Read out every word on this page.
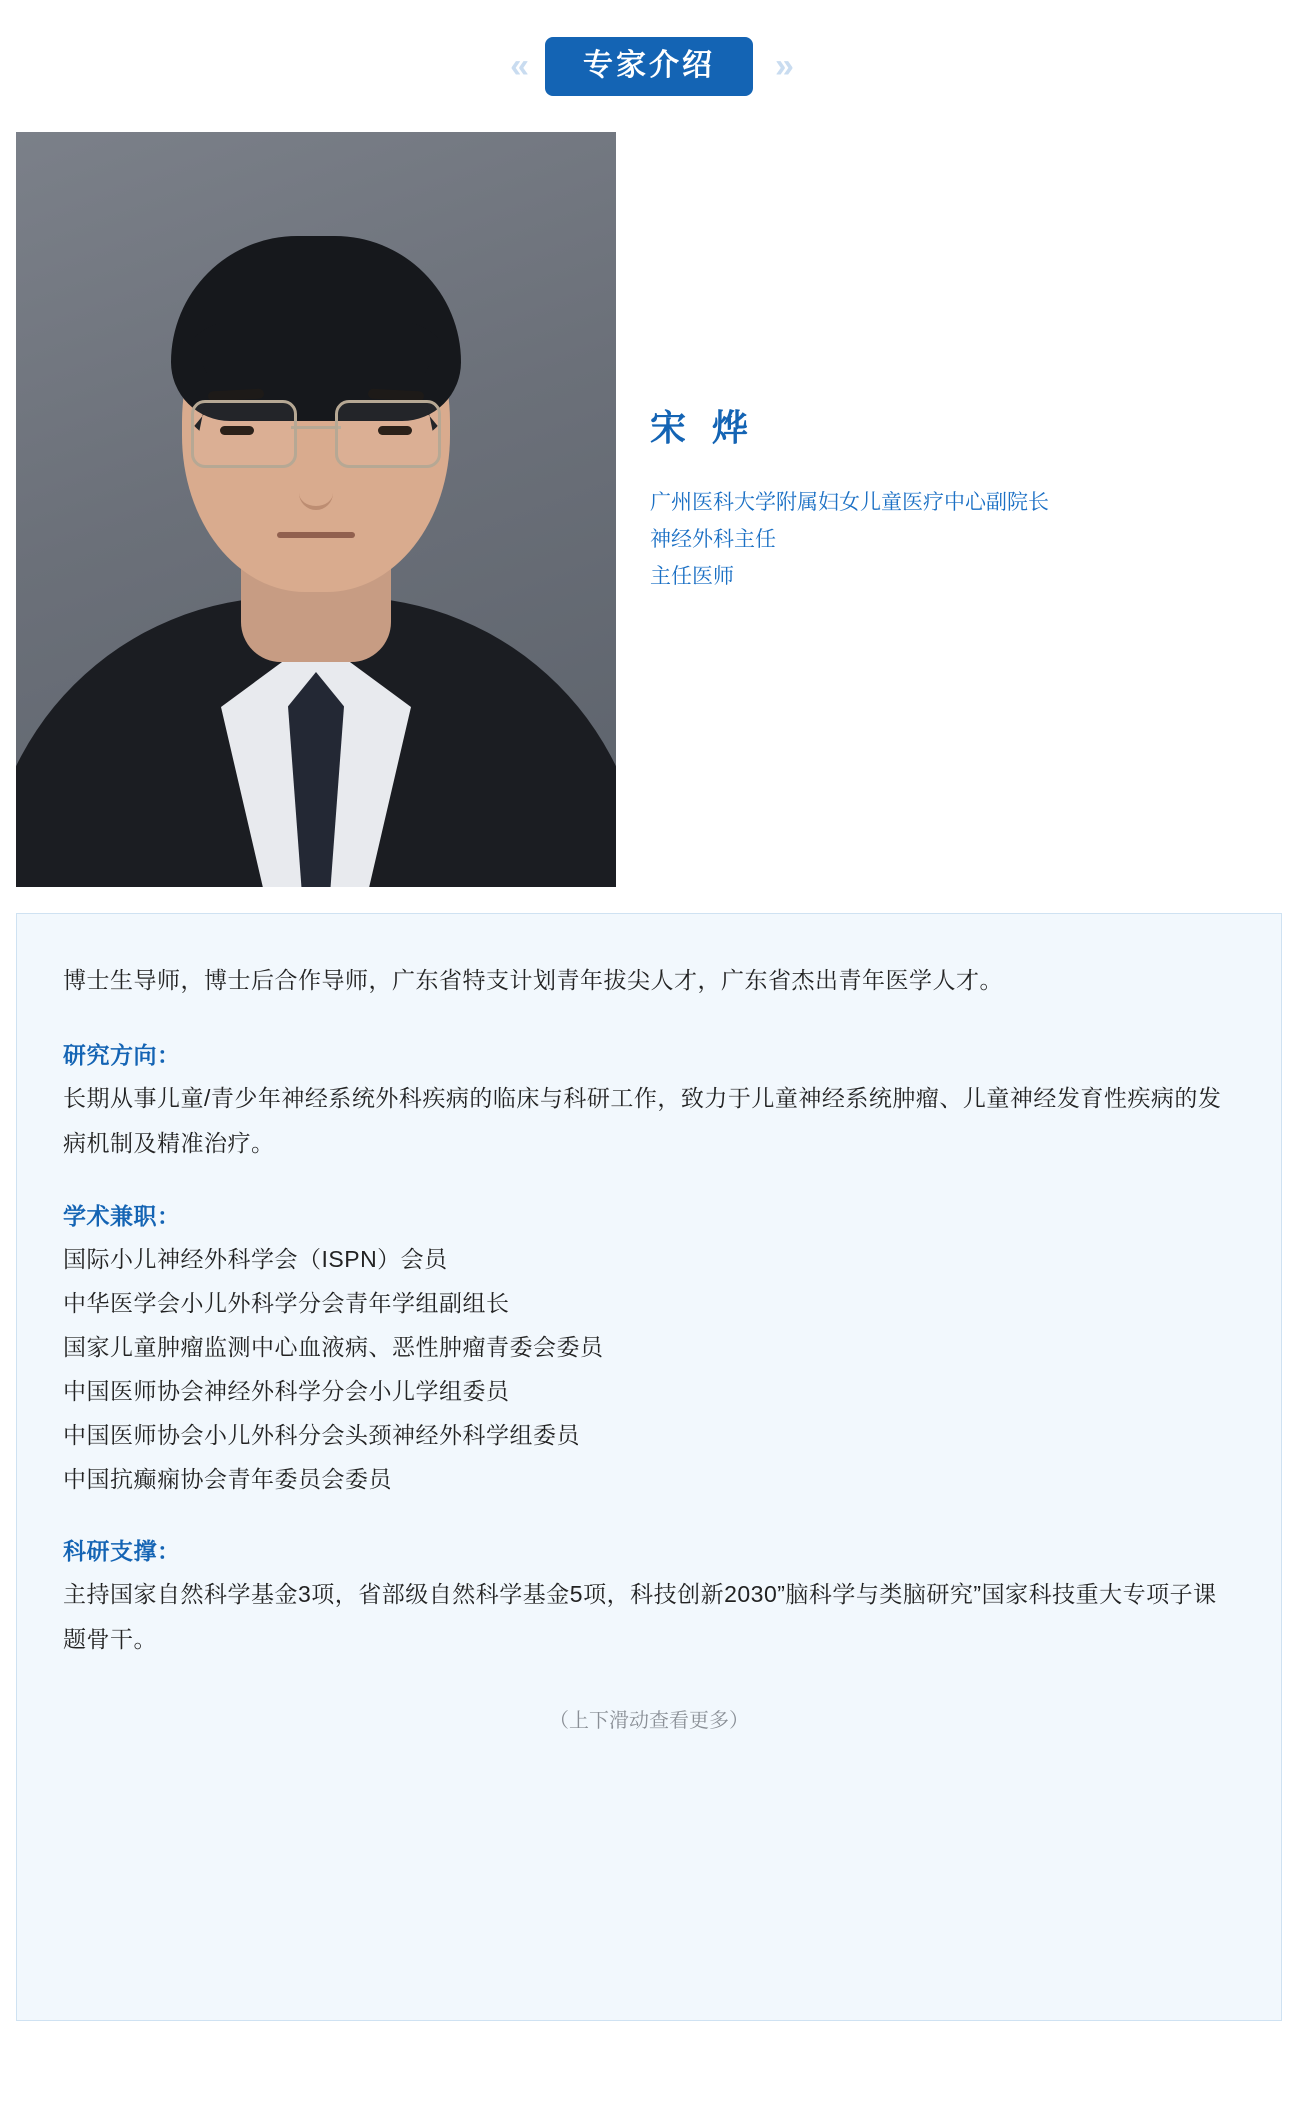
«	专家介绍	»
宋 烨
广州医科大学附属妇女儿童医疗中心副院长
神经外科主任
主任医师

博士生导师，博士后合作导师，广东省特支计划青年拔尖人才，广东省杰出青年医学人才。

研究方向：

长期从事儿童/青少年神经系统外科疾病的临床与科研工作，致力于儿童神经系统肿瘤、儿童神经发育性疾病的发病机制及精准治疗。

学术兼职：
国际小儿神经外科学会（ISPN）会员
中华医学会小儿外科学分会青年学组副组长
国家儿童肿瘤监测中心血液病、恶性肿瘤青委会委员
中国医师协会神经外科学分会小儿学组委员
中国医师协会小儿外科分会头颈神经外科学组委员
中国抗癫痫协会青年委员会委员
科研支撑：

主持国家自然科学基金3项，省部级自然科学基金5项，科技创新2030”脑科学与类脑研究”国家科技重大专项子课题骨干。

（上下滑动查看更多）
